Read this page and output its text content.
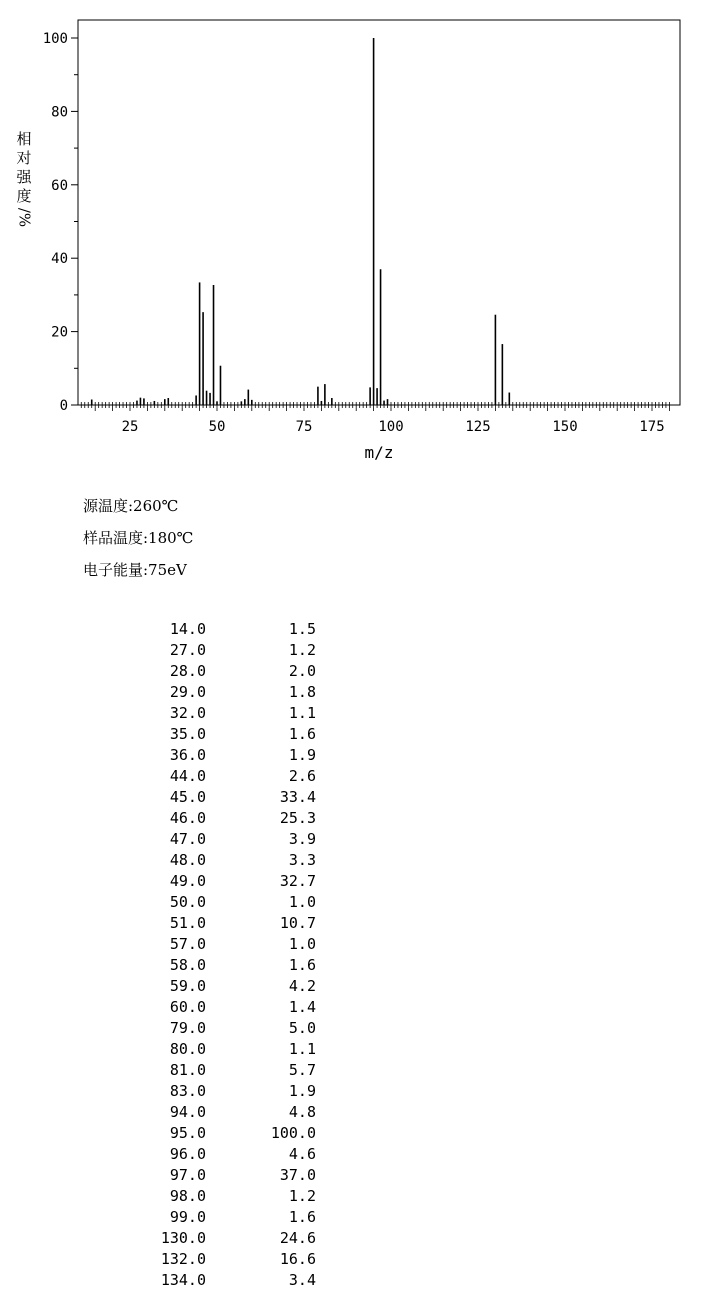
0
20
40
60
80
100
25	50	75	100	125	150	175
m/z
相
对
强
度
/%
源温度:260℃
样品温度:180℃
电子能量:75eV
14.0	1.5
27.0	1.2
28.0	2.0
29.0	1.8
32.0	1.1
35.0	1.6
36.0	1.9
44.0	2.6
45.0	33.4
46.0	25.3
47.0	3.9
48.0	3.3
49.0	32.7
50.0	1.0
51.0	10.7
57.0	1.0
58.0	1.6
59.0	4.2
60.0	1.4
79.0	5.0
80.0	1.1
81.0	5.7
83.0	1.9
94.0	4.8
95.0	100.0
96.0	4.6
97.0	37.0
98.0	1.2
99.0	1.6
130.0	24.6
132.0	16.6
134.0	3.4
